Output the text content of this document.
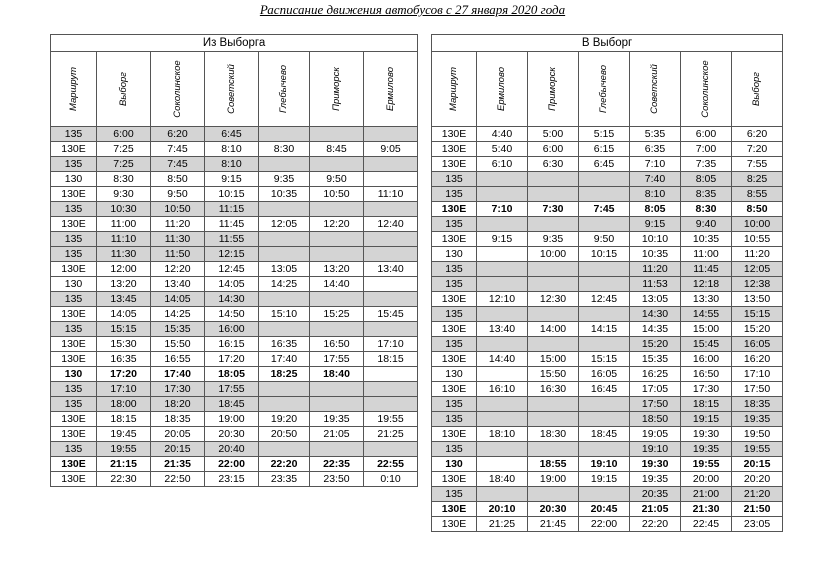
Расписание движения автобусов с 27 января 2020 года
Из Выборга						

Маршрут	Выборг	Соколинское	Советский	Глебычево	Приморск	Ермилово

135	6:00	6:20	6:45			
130Е	7:25	7:45	8:10	8:30	8:45	9:05
135	7:25	7:45	8:10			
130	8:30	8:50	9:15	9:35	9:50	
130Е	9:30	9:50	10:15	10:35	10:50	11:10
135	10:30	10:50	11:15			
130Е	11:00	11:20	11:45	12:05	12:20	12:40
135	11:10	11:30	11:55			
135	11:30	11:50	12:15			
130Е	12:00	12:20	12:45	13:05	13:20	13:40
130	13:20	13:40	14:05	14:25	14:40	
135	13:45	14:05	14:30			
130Е	14:05	14:25	14:50	15:10	15:25	15:45
135	15:15	15:35	16:00			
130Е	15:30	15:50	16:15	16:35	16:50	17:10
130Е	16:35	16:55	17:20	17:40	17:55	18:15
130	17:20	17:40	18:05	18:25	18:40	
135	17:10	17:30	17:55			
135	18:00	18:20	18:45			
130Е	18:15	18:35	19:00	19:20	19:35	19:55
130Е	19:45	20:05	20:30	20:50	21:05	21:25
135	19:55	20:15	20:40			
130Е	21:15	21:35	22:00	22:20	22:35	22:55
130Е	22:30	22:50	23:15	23:35	23:50	0:10
В Выборг						

Маршрут	Ермилово	Приморск	Глебычево	Советский	Соколинское	Выборг

130Е	4:40	5:00	5:15	5:35	6:00	6:20
130Е	5:40	6:00	6:15	6:35	7:00	7:20
130Е	6:10	6:30	6:45	7:10	7:35	7:55
135				7:40	8:05	8:25
135				8:10	8:35	8:55
130Е	7:10	7:30	7:45	8:05	8:30	8:50
135				9:15	9:40	10:00
130Е	9:15	9:35	9:50	10:10	10:35	10:55
130		10:00	10:15	10:35	11:00	11:20
135				11:20	11:45	12:05
135				11:53	12:18	12:38
130Е	12:10	12:30	12:45	13:05	13:30	13:50
135				14:30	14:55	15:15
130Е	13:40	14:00	14:15	14:35	15:00	15:20
135				15:20	15:45	16:05
130Е	14:40	15:00	15:15	15:35	16:00	16:20
130		15:50	16:05	16:25	16:50	17:10
130Е	16:10	16:30	16:45	17:05	17:30	17:50
135				17:50	18:15	18:35
135				18:50	19:15	19:35
130Е	18:10	18:30	18:45	19:05	19:30	19:50
135				19:10	19:35	19:55
130		18:55	19:10	19:30	19:55	20:15
130Е	18:40	19:00	19:15	19:35	20:00	20:20
135				20:35	21:00	21:20
130Е	20:10	20:30	20:45	21:05	21:30	21:50
130Е	21:25	21:45	22:00	22:20	22:45	23:05
